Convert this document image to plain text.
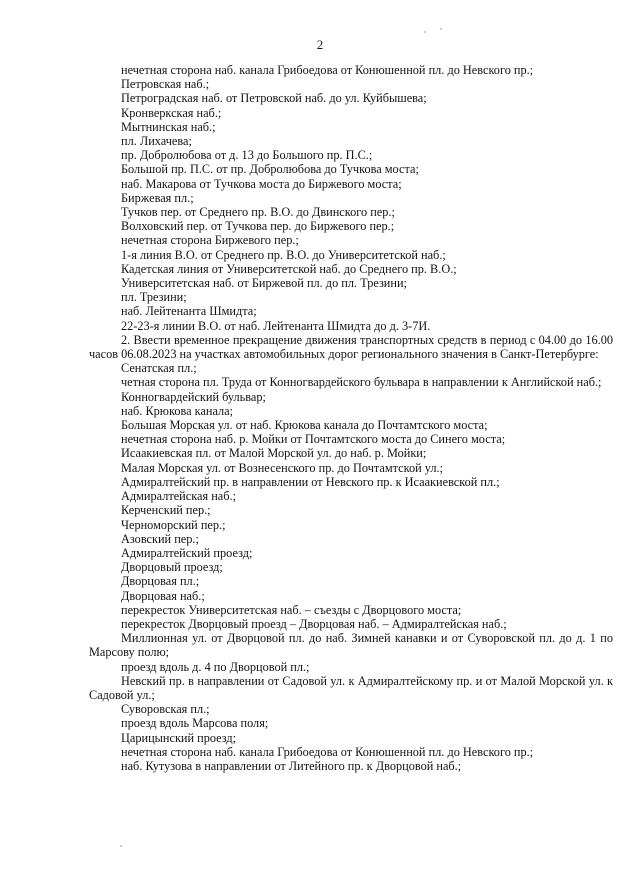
2

нечетная сторона наб. канала Грибоедова от Конюшенной пл. до Невского пр.;

Петровская наб.;

Петроградская наб. от Петровской наб. до ул. Куйбышева;

Кронверкская наб.;

Мытнинская наб.;

пл. Лихачева;

пр. Добролюбова от д. 13 до Большого пр. П.С.;

Большой пр. П.С. от пр. Добролюбова до Тучкова моста;

наб. Макарова от Тучкова моста до Биржевого моста;

Биржевая пл.;

Тучков пер. от Среднего пр. В.О. до Двинского пер.;

Волховский пер. от Тучкова пер. до Биржевого пер.;

нечетная сторона Биржевого пер.;

1-я линия В.О. от Среднего пр. В.О. до Университетской наб.;

Кадетская линия от Университетской наб. до Среднего пр. В.О.;

Университетская наб. от Биржевой пл. до пл. Трезини;

пл. Трезини;

наб. Лейтенанта Шмидта;

22-23-я линии В.О. от наб. Лейтенанта Шмидта до д. 3-7И.

2. Ввести временное прекращение движения транспортных средств в период с 04.00 до 16.00 часов 06.08.2023 на участках автомобильных дорог регионального значения в Санкт-Петербурге:

Сенатская пл.;

четная сторона пл. Труда от Конногвардейского бульвара в направлении к Английской наб.;

Конногвардейский бульвар;

наб. Крюкова канала;

Большая Морская ул. от наб. Крюкова канала до Почтамтского моста;

нечетная сторона наб. р. Мойки от Почтамтского моста до Синего моста;

Исаакиевская пл. от Малой Морской ул. до наб. р. Мойки;

Малая Морская ул. от Вознесенского пр. до Почтамтской ул.;

Адмиралтейский пр. в направлении от Невского пр. к Исаакиевской пл.;

Адмиралтейская наб.;

Керченский пер.;

Черноморский пер.;

Азовский пер.;

Адмиралтейский проезд;

Дворцовый проезд;

Дворцовая пл.;

Дворцовая наб.;

перекресток Университетская наб. – съезды с Дворцового моста;

перекресток Дворцовый проезд – Дворцовая наб. – Адмиралтейская наб.;

Миллионная ул. от Дворцовой пл. до наб. Зимней канавки и от Суворовской пл. до д. 1 по Марсову полю;

проезд вдоль д. 4 по Дворцовой пл.;

Невский пр. в направлении от Садовой ул. к Адмиралтейскому пр. и от Малой Морской ул. к Садовой ул.;

Суворовская пл.;

проезд вдоль Марсова поля;

Царицынский проезд;

нечетная сторона наб. канала Грибоедова от Конюшенной пл. до Невского пр.;

наб. Кутузова в направлении от Литейного пр. к Дворцовой наб.;
